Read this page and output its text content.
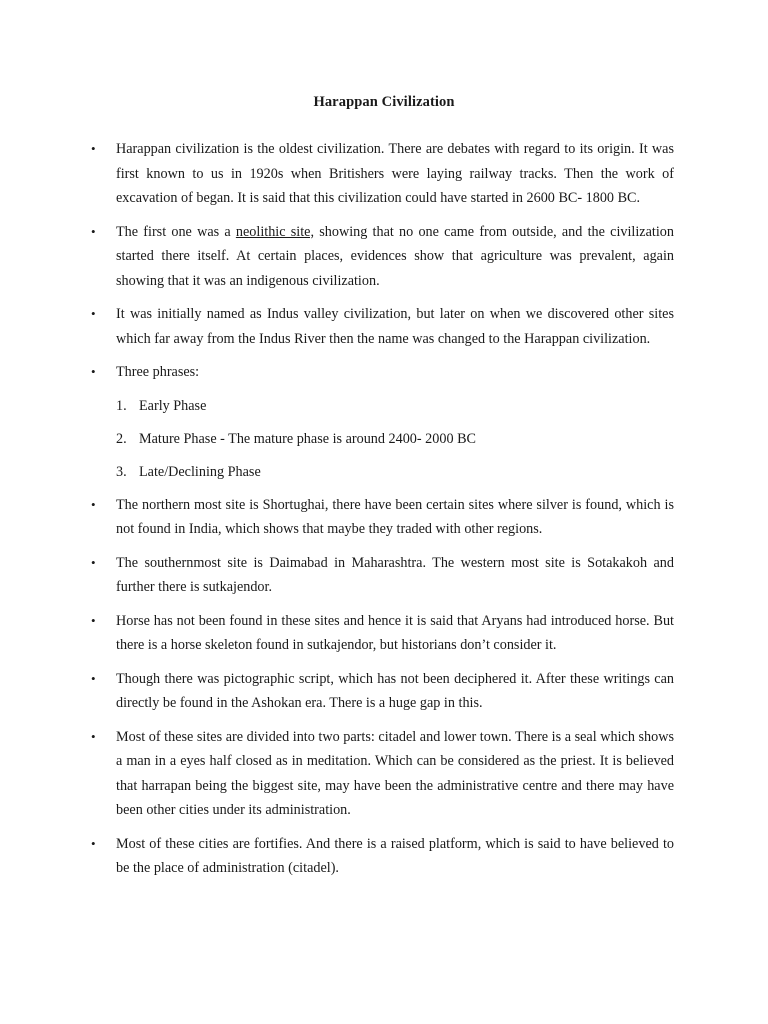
Harappan Civilization
•	Harappan civilization is the oldest civilization. There are debates with regard to its origin. It was first known to us in 1920s when Britishers were laying railway tracks. Then the work of excavation of began. It is said that this civilization could have started in 2600 BC- 1800 BC.
•	The first one was a neolithic site, showing that no one came from outside, and the civilization started there itself. At certain places, evidences show that agriculture was prevalent, again showing that it was an indigenous civilization.
•	It was initially named as Indus valley civilization, but later on when we discovered other sites which far away from the Indus River then the name was changed to the Harappan civilization.
•	Three phrases:
1. Early Phase
2. Mature Phase - The mature phase is around 2400- 2000 BC
3. Late/Declining Phase
•	The northern most site is Shortughai, there have been certain sites where silver is found, which is not found in India, which shows that maybe they traded with other regions.
•	The southernmost site is Daimabad in Maharashtra. The western most site is Sotakakoh and further there is sutkajendor.
•	Horse has not been found in these sites and hence it is said that Aryans had introduced horse. But there is a horse skeleton found in sutkajendor, but historians don’t consider it.
•	Though there was pictographic script, which has not been deciphered it. After these writings can directly be found in the Ashokan era. There is a huge gap in this.
•	Most of these sites are divided into two parts: citadel and lower town. There is a seal which shows a man in a eyes half closed as in meditation. Which can be considered as the priest. It is believed that harrapan being the biggest site, may have been the administrative centre and there may have been other cities under its administration.
•	Most of these cities are fortifies. And there is a raised platform, which is said to have believed to be the place of administration (citadel).
